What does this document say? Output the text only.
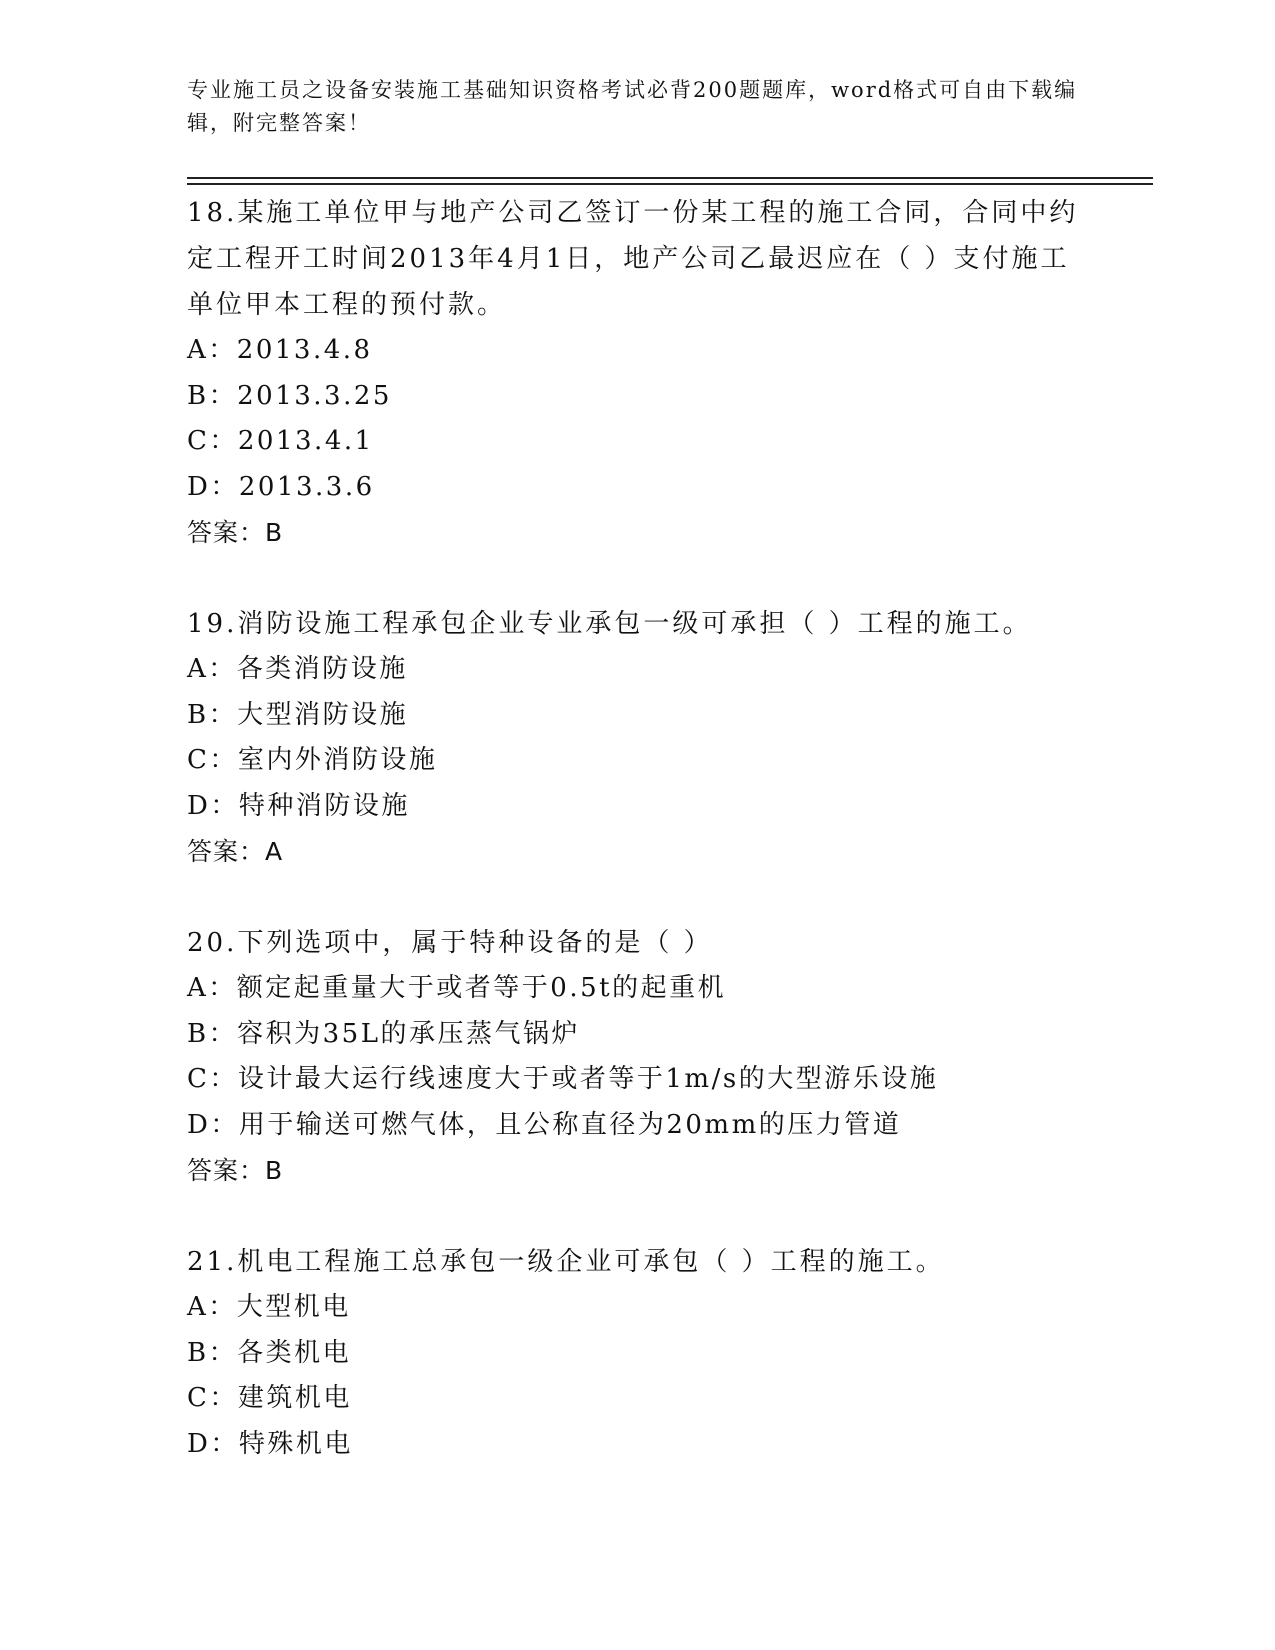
专业施工员之设备安装施工基础知识资格考试必背200题题库，word格式可自由下载编辑，附完整答案！

18.某施工单位甲与地产公司乙签订一份某工程的施工合同，合同中约定工程开工时间2013年4月1日，地产公司乙最迟应在（ ）支付施工单位甲本工程的预付款。

A：2013.4.8

B：2013.3.25

C：2013.4.1

D：2013.3.6

答案：B

19.消防设施工程承包企业专业承包一级可承担（ ）工程的施工。

A：各类消防设施

B：大型消防设施

C：室内外消防设施

D：特种消防设施

答案：A

20.下列选项中，属于特种设备的是（ ）

A：额定起重量大于或者等于0.5t的起重机

B：容积为35L的承压蒸气锅炉

C：设计最大运行线速度大于或者等于1m/s的大型游乐设施

D：用于输送可燃气体，且公称直径为20mm的压力管道

答案：B

21.机电工程施工总承包一级企业可承包（ ）工程的施工。

A：大型机电

B：各类机电

C：建筑机电

D：特殊机电
